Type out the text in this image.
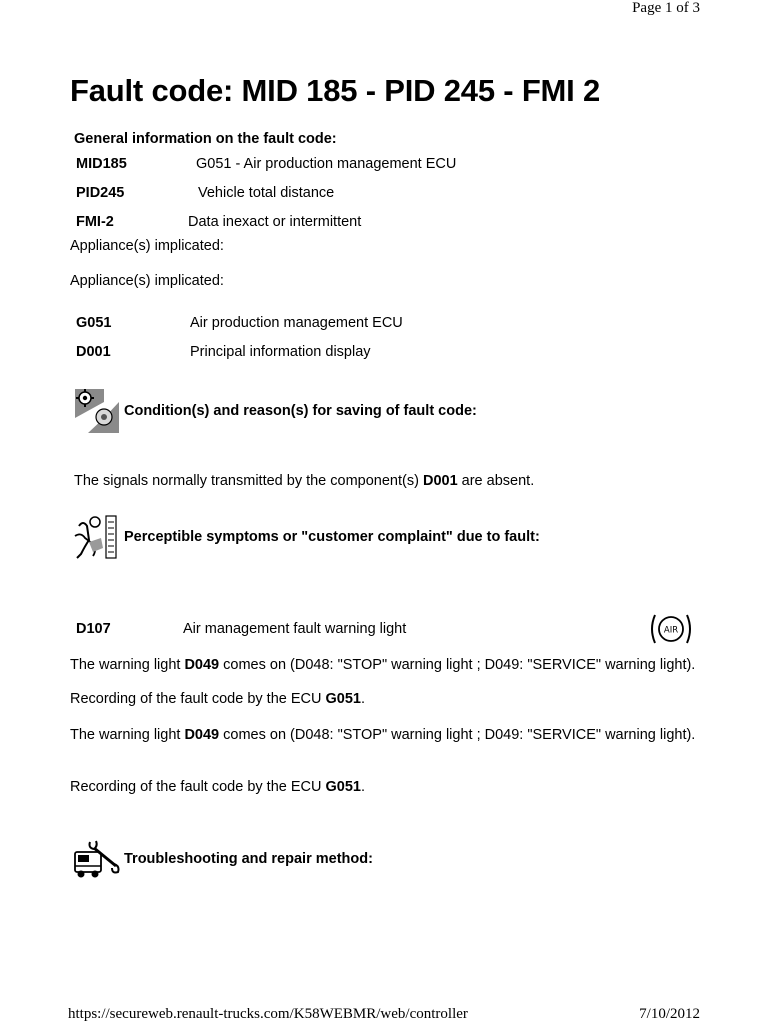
Page 1 of 3
Fault code: MID 185 - PID 245 - FMI 2
General information on the fault code:
MID185	G051 - Air production management ECU
PID245	Vehicle total distance
FMI-2	Data inexact or intermittent
Appliance(s) implicated:
Appliance(s) implicated:
G051	Air production management ECU
D001	Principal information display
Condition(s) and reason(s) for saving of fault code:
The signals normally transmitted by the component(s) D001 are absent.
Perceptible symptoms or "customer complaint" due to fault:
D107	Air management fault warning light	AIR
The warning light D049 comes on (D048: "STOP" warning light ; D049: "SERVICE" warning light).
Recording of the fault code by the ECU G051.
The warning light D049 comes on (D048: "STOP" warning light ; D049: "SERVICE" warning light).
Recording of the fault code by the ECU G051.
Troubleshooting and repair method:
https://secureweb.renault-trucks.com/K58WEBMR/web/controller	7/10/2012
